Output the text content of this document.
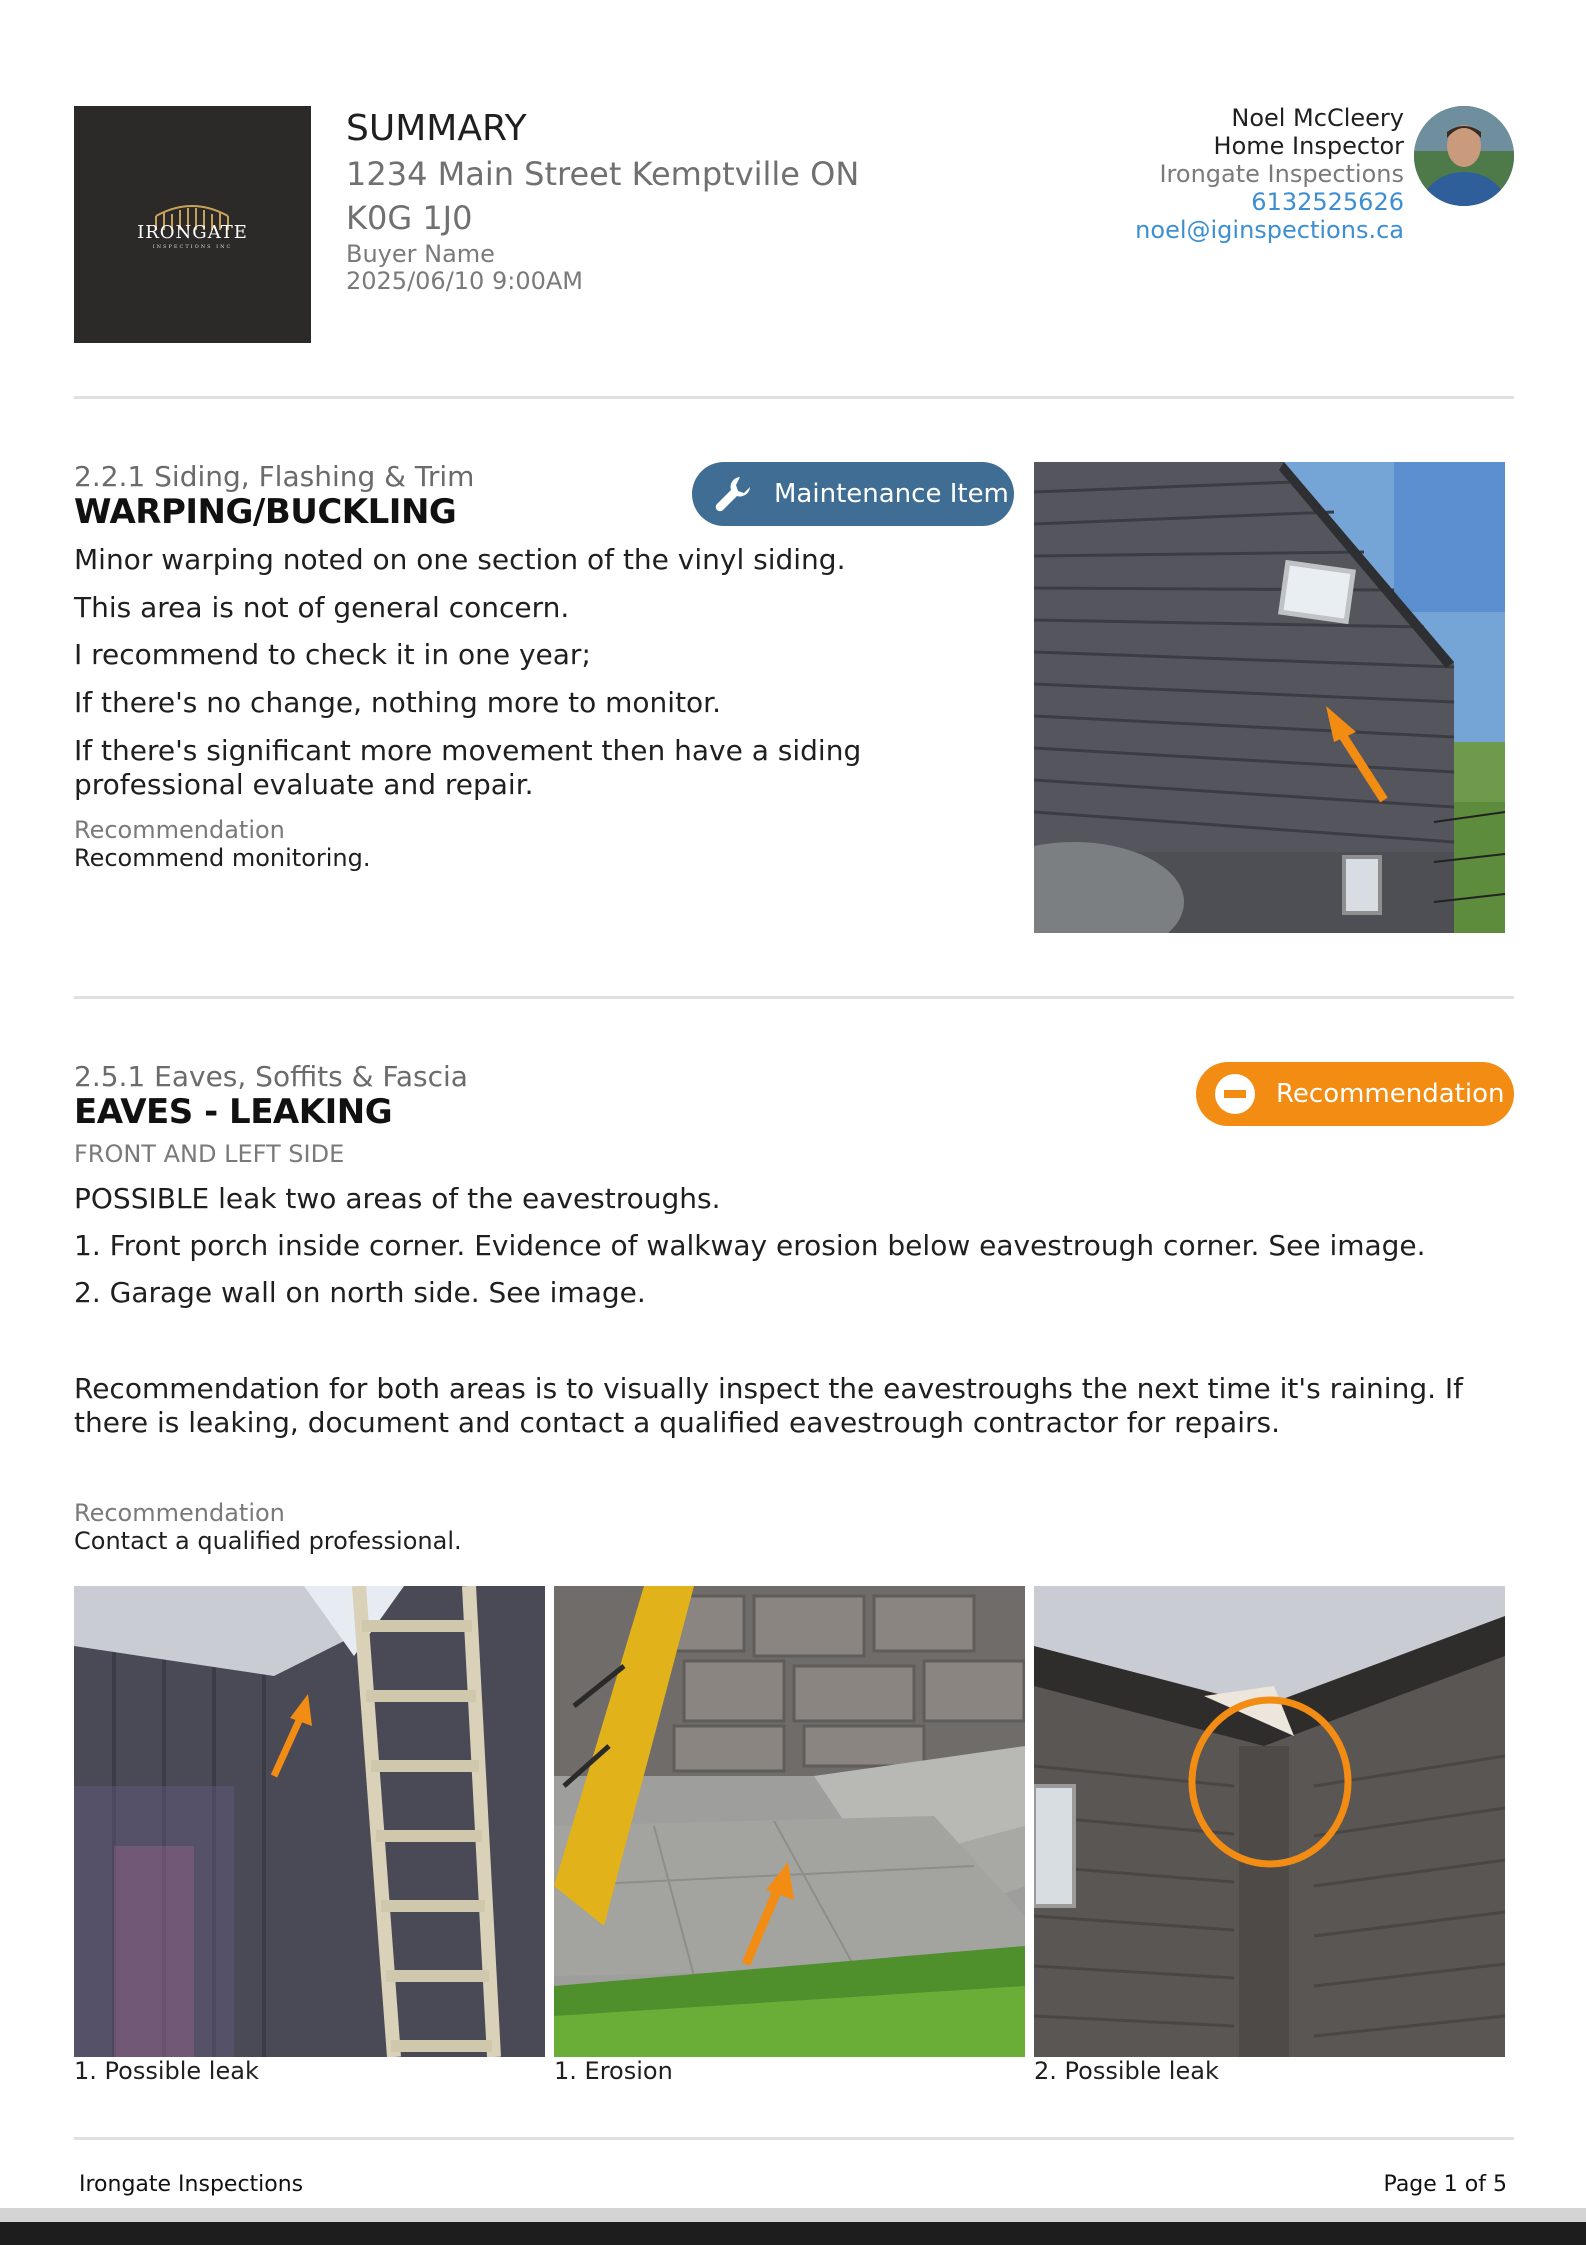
IRONGATE
INSPECTIONS INC
SUMMARY
1234 Main Street Kemptville ON K0G 1J0
Buyer Name
2025/06/10 9:00AM
Noel McCleery
Home Inspector
Irongate Inspections
6132525626
noel@iginspections.ca
2.2.1 Siding, Flashing & Trim
WARPING/BUCKLING	Maintenance Item
Minor warping noted on one section of the vinyl siding.
This area is not of general concern.
I recommend to check it in one year;
If there's no change, nothing more to monitor.
If there's significant more movement then have a siding professional evaluate and repair.
Recommendation
Recommend monitoring.
2.5.1 Eaves, Soffits & Fascia
EAVES - LEAKING
FRONT AND LEFT SIDE
Recommendation
POSSIBLE leak two areas of the eavestroughs.
1. Front porch inside corner. Evidence of walkway erosion below eavestrough corner. See image.
2. Garage wall on north side. See image.
Recommendation for both areas is to visually inspect the eavestroughs the next time it's raining. If there is leaking, document and contact a qualified eavestrough contractor for repairs.
Recommendation
Contact a qualified professional.
1. Possible leak	1. Erosion	2. Possible leak
Irongate Inspections	Page 1 of 5
